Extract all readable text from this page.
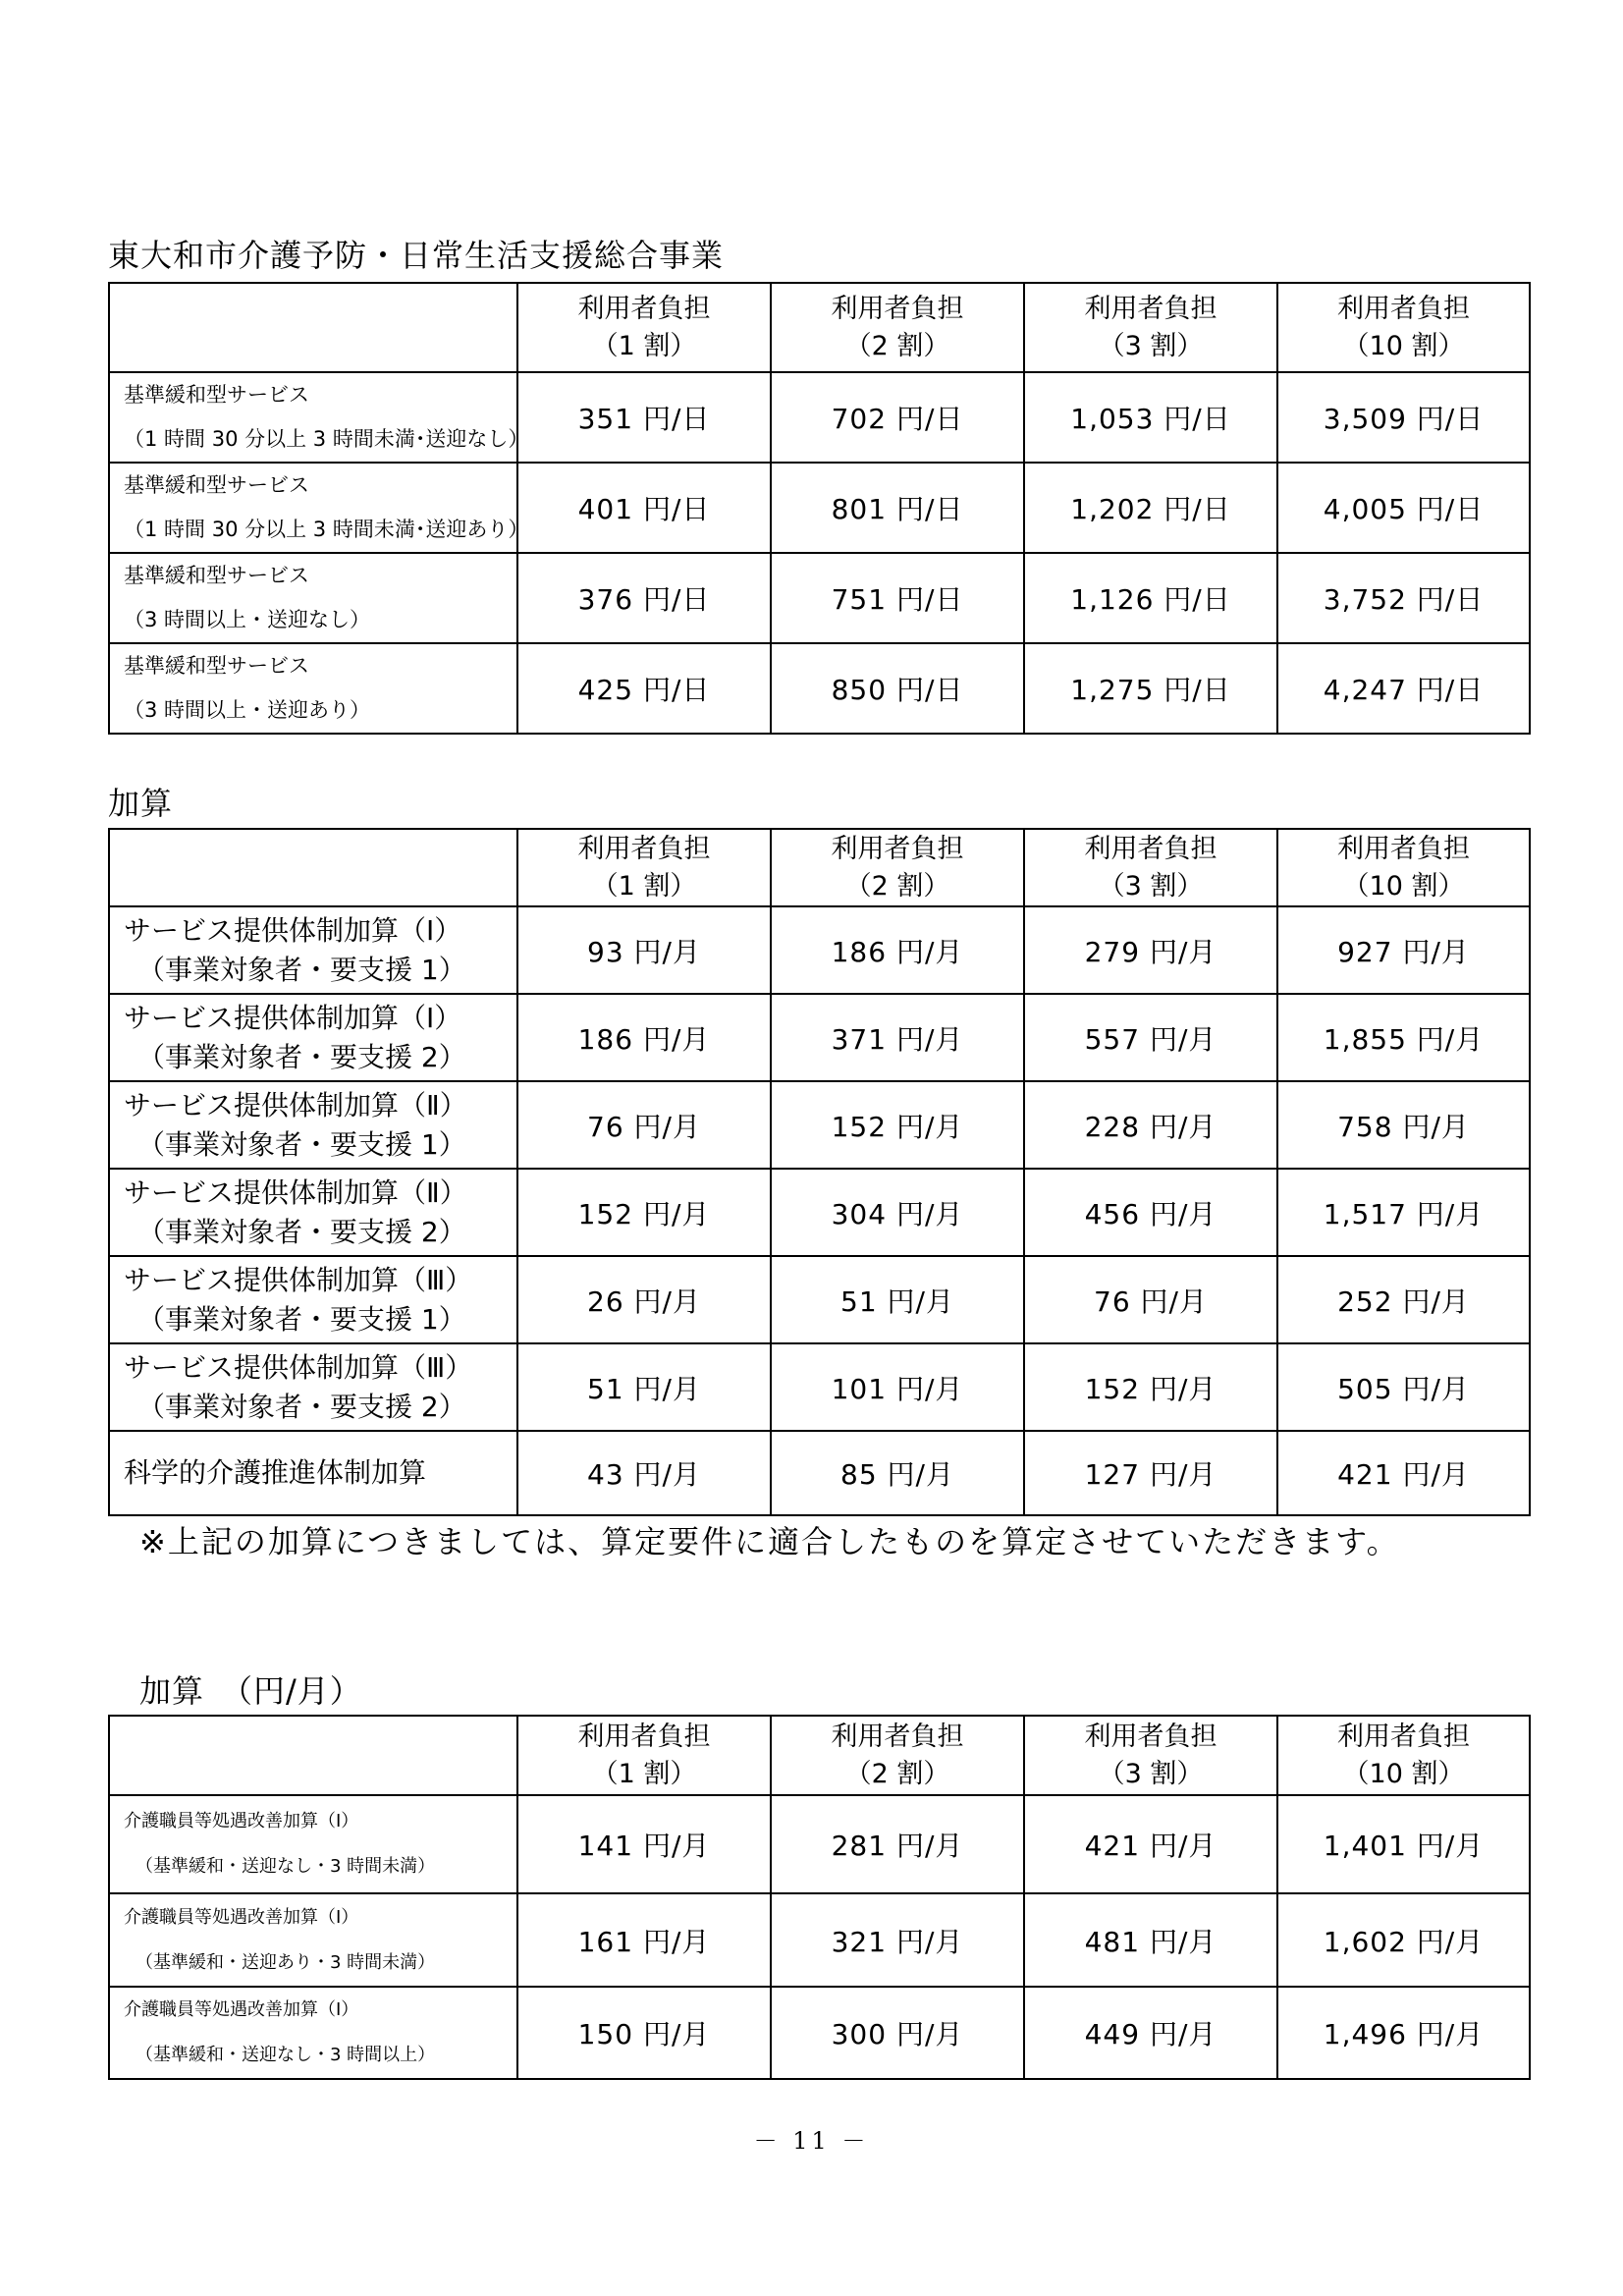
東大和市介護予防・日常生活支援総合事業

	利用者負担
（1 割）	利用者負担
（2 割）	利用者負担
（3 割）	利用者負担
（10 割）

基準緩和型サービス
（1 時間 30 分以上 3 時間未満･送迎なし）	351 円/日	702 円/日	1,053 円/日	3,509 円/日

基準緩和型サービス
（1 時間 30 分以上 3 時間未満･送迎あり）	401 円/日	801 円/日	1,202 円/日	4,005 円/日

基準緩和型サービス
（3 時間以上・送迎なし）	376 円/日	751 円/日	1,126 円/日	3,752 円/日

基準緩和型サービス
（3 時間以上・送迎あり）	425 円/日	850 円/日	1,275 円/日	4,247 円/日
加算

	利用者負担
（1 割）	利用者負担
（2 割）	利用者負担
（3 割）	利用者負担
（10 割）

サービス提供体制加算（Ⅰ）
（事業対象者・要支援 1）	93 円/月	186 円/月	279 円/月	927 円/月

サービス提供体制加算（Ⅰ）
（事業対象者・要支援 2）	186 円/月	371 円/月	557 円/月	1,855 円/月

サービス提供体制加算（Ⅱ）
（事業対象者・要支援 1）	76 円/月	152 円/月	228 円/月	758 円/月

サービス提供体制加算（Ⅱ）
（事業対象者・要支援 2）	152 円/月	304 円/月	456 円/月	1,517 円/月

サービス提供体制加算（Ⅲ）
（事業対象者・要支援 1）	26 円/月	51 円/月	76 円/月	252 円/月

サービス提供体制加算（Ⅲ）
（事業対象者・要支援 2）	51 円/月	101 円/月	152 円/月	505 円/月

科学的介護推進体制加算	43 円/月	85 円/月	127 円/月	421 円/月
※上記の加算につきましては、算定要件に適合したものを算定させていただきます。
加算　（円/月）

	利用者負担
（1 割）	利用者負担
（2 割）	利用者負担
（3 割）	利用者負担
（10 割）

介護職員等処遇改善加算（Ⅰ）
（基準緩和・送迎なし・3 時間未満）	141 円/月	281 円/月	421 円/月	1,401 円/月

介護職員等処遇改善加算（Ⅰ）
（基準緩和・送迎あり・3 時間未満）	161 円/月	321 円/月	481 円/月	1,602 円/月

介護職員等処遇改善加算（Ⅰ）
（基準緩和・送迎なし・3 時間以上）	150 円/月	300 円/月	449 円/月	1,496 円/月
－ 11 －
